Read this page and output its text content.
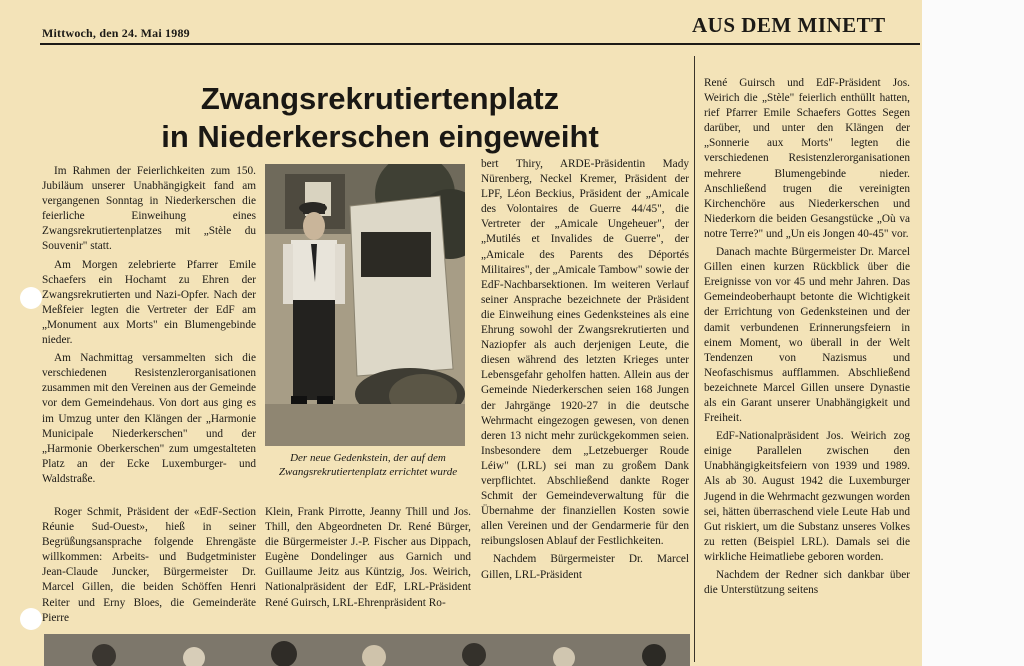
Mittwoch, den 24. Mai 1989	AUS DEM MINETT
Zwangsrekrutiertenplatz
in Niederkerschen eingeweiht

Im Rahmen der Feierlichkeiten zum 150. Jubiläum unserer Unabhängigkeit fand am vergangenen Sonntag in Niederkerschen die feierliche Einweihung eines Zwangsrekrutiertenplatzes mit „Stèle du Souvenir" statt.

Am Morgen zelebrierte Pfarrer Emile Schaefers ein Hochamt zu Ehren der Zwangsrekrutierten und Nazi-Opfer. Nach der Meßfeier legten die Vertreter der EdF am „Monument aux Morts" ein Blumengebinde nieder.

Am Nachmittag versammelten sich die verschiedenen Resistenzlerorganisationen zusammen mit den Vereinen aus der Gemeinde vor dem Gemeindehaus. Von dort aus ging es im Umzug unter den Klängen der „Harmonie Municipale Niederkerschen" und der „Harmonie Oberkerschen" zum umgestalteten Platz an der Ecke Luxemburger- und Waldstraße.

Roger Schmit, Präsident der «EdF-Section Réunie Sud-Ouest», hieß in seiner Begrüßungsansprache folgende Ehrengäste willkommen: Arbeits- und Budgetminister Jean-Claude Juncker, Bürgermeister Dr. Marcel Gillen, die beiden Schöffen Henri Reiter und Erny Bloes, die Gemeinderäte Pierre

Der neue Gedenkstein, der auf dem Zwangsrekrutiertenplatz errichtet wurde

Klein, Frank Pirrotte, Jeanny Thill und Jos. Thill, den Abgeordneten Dr. René Bürger, die Bürgermeister J.-P. Fischer aus Dippach, Eugène Dondelinger aus Garnich und Guillaume Jeitz aus Küntzig, Jos. Weirich, Nationalpräsident der EdF, LRL-Präsident René Guirsch, LRL-Ehrenpräsident Ro-

bert Thiry, ARDE-Präsidentin Mady Nürenberg, Neckel Kremer, Präsident der LPF, Léon Beckius, Präsident der „Amicale des Volontaires de Guerre 44/45", die Vertreter der „Amicale Ungeheuer", der „Mutilés et Invalides de Guerre", der „Amicale des Parents des Déportés Militaires", der „Amicale Tambow" sowie der EdF-Nachbarsektionen. Im weiteren Verlauf seiner Ansprache bezeichnete der Präsident die Einweihung eines Gedenksteines als eine Ehrung sowohl der Zwangsrekrutierten und Naziopfer als auch derjenigen Leute, die diesen während des letzten Krieges unter Lebensgefahr geholfen hatten. Allein aus der Gemeinde Niederkerschen seien 168 Jungen der Jahrgänge 1920-27 in die deutsche Wehrmacht eingezogen gewesen, von denen deren 13 nicht mehr zurückgekommen seien. Insbesondere dem „Letzebuerger Roude Léiw" (LRL) sei man zu großem Dank verpflichtet. Abschließend dankte Roger Schmit der Gemeindeverwaltung für die Übernahme der finanziellen Kosten sowie allen Vereinen und der Gendarmerie für den reibungslosen Ablauf der Festlichkeiten.

Nachdem Bürgermeister Dr. Marcel Gillen, LRL-Präsident

René Guirsch und EdF-Präsident Jos. Weirich die „Stèle" feierlich enthüllt hatten, rief Pfarrer Emile Schaefers Gottes Segen darüber, und unter den Klängen der „Sonnerie aux Morts" legten die verschiedenen Resistenzlerorganisationen mehrere Blumengebinde nieder. Anschließend trugen die vereinigten Kirchenchöre aus Niederkerschen und Niederkorn die beiden Gesangstücke „Où va notre Terre?" und „Un eis Jongen 40-45" vor.

Danach machte Bürgermeister Dr. Marcel Gillen einen kurzen Rückblick über die Ereignisse von vor 45 und mehr Jahren. Das Gemeindeoberhaupt betonte die Wichtigkeit der Errichtung von Gedenksteinen und der damit verbundenen Erinnerungsfeiern in einem Moment, wo überall in der Welt Tendenzen von Nazismus und Neofaschismus aufflammen. Abschließend bezeichnete Marcel Gillen unsere Dynastie als ein Garant unserer Unabhängigkeit und Freiheit.

EdF-Nationalpräsident Jos. Weirich zog einige Parallelen zwischen den Unabhängigkeitsfeiern von 1939 und 1989. Als ab 30. August 1942 die Luxemburger Jugend in die Wehrmacht gezwungen worden sei, hätten überraschend viele Leute Hab und Gut riskiert, um die Substanz unseres Volkes zu retten (Beispiel LRL). Damals sei die wirkliche Heimatliebe geboren worden.

Nachdem der Redner sich dankbar über die Unterstützung seitens
